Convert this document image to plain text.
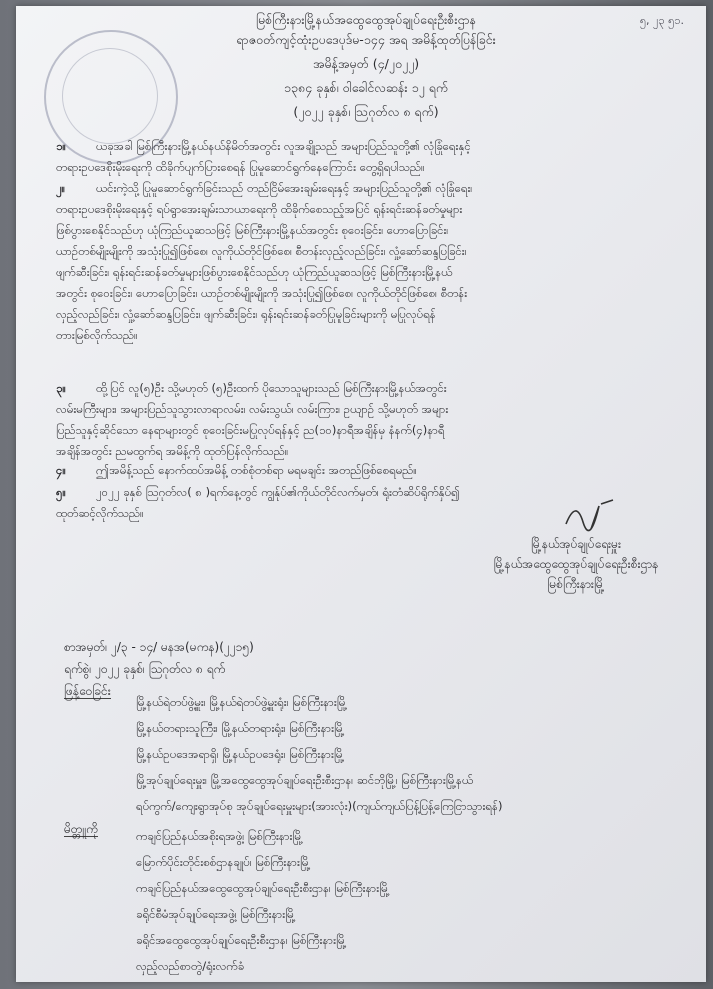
၅, ၂၃ ၅၁.
မြစ်ကြီးနားမြို့နယ်အထွေထွေအုပ်ချုပ်ရေးဦးစီးဌာန
ရာဇဝတ်ကျင့်ထုံးဥပဒေပုဒ်မ-၁၄၄ အရ အမိန့်ထုတ်ပြန်ခြင်း
အမိန့်အမှတ် (၄/၂၀၂၂)
၁၃၈၄ ခုနှစ်၊ ဝါခေါင်လဆန်း ၁၂ ရက်
(၂၀၂၂ ခုနှစ်၊ ဩဂုတ်လ ၈ ရက်)
၁။	ယခုအခါ မြစ်ကြီးနားမြို့နယ်နယ်နိမိတ်အတွင်း လူအချို့သည် အများပြည်သူတို့၏ လုံခြုံရေးနှင့်
တရားဥပဒေစိုးမိုးရေးကို ထိခိုက်ပျက်ပြားစေရန် ပြုမူဆောင်ရွက်နေကြောင်း တွေ့ရှိရပါသည်။
၂။	ယင်းကဲ့သို့ ပြုမူဆောင်ရွက်ခြင်းသည် တည်ငြိမ်အေးချမ်းရေးနှင့် အများပြည်သူတို့၏ လုံခြုံရေး၊
တရားဥပဒေစိုးမိုးရေးနှင့် ရပ်ရွာအေးချမ်းသာယာရေးကို ထိခိုက်စေသည့်အပြင် ရုန်းရင်းဆန်ခတ်မှုများ
ဖြစ်ပွားစေနိုင်သည်ဟု ယုံကြည်ယူဆသဖြင့် မြစ်ကြီးနားမြို့နယ်အတွင်း စုဝေးခြင်း၊ ဟောပြောခြင်း၊
ယာဉ်တစ်မျိုးမျိုးကို အသုံးပြု၍ဖြစ်စေ၊ လူကိုယ်တိုင်ဖြစ်စေ၊ စီတန်းလှည့်လည်ခြင်း၊ လှုံ့ဆော်ဆန္ဒပြခြင်း၊
ဖျက်ဆီးခြင်း၊ ရုန်းရင်းဆန်ခတ်မှုများဖြစ်ပွားစေနိုင်သည်ဟု ယုံကြည်ယူဆသဖြင့် မြစ်ကြီးနားမြို့နယ်
အတွင်း စုဝေးခြင်း၊ ဟောပြောခြင်း၊ ယာဉ်တစ်မျိုးမျိုးကို အသုံးပြု၍ဖြစ်စေ၊ လူကိုယ်တိုင်ဖြစ်စေ၊ စီတန်း
လှည့်လည်ခြင်း၊ လှုံ့ဆော်ဆန္ဒပြခြင်း၊ ဖျက်ဆီးခြင်း၊ ရုန်းရင်းဆန်ခတ်ပြုမူခြင်းများကို မပြုလုပ်ရန်
တားမြစ်လိုက်သည်။
၃။	ထို့ပြင် လူ(၅)ဦး သို့မဟုတ် (၅)ဦးထက် ပိုသောသူများသည် မြစ်ကြီးနားမြို့နယ်အတွင်း
လမ်းမကြီးများ၊ အများပြည်သူသွားလာရာလမ်း၊ လမ်းသွယ်၊ လမ်းကြား၊ ဥယျာဉ် သို့မဟုတ် အများ
ပြည်သူနှင့်ဆိုင်သော နေရာများတွင် စုဝေးခြင်းမပြုလုပ်ရန်နှင့် ည(၁၀)နာရီအချိန်မှ နံနက်(၄)နာရီ
အချိန်အတွင်း ညမထွက်ရ အမိန့်ကို ထုတ်ပြန်လိုက်သည်။
၄။	ဤအမိန့်သည် နောက်ထပ်အမိန့် တစ်စုံတစ်ရာ မရမချင်း အတည်ဖြစ်စေရမည်။
၅။	၂၀၂၂ ခုနှစ် ဩဂုတ်လ( ၈ )ရက်နေ့တွင် ကျွန်ုပ်၏ကိုယ်တိုင်လက်မှတ်၊ ရုံးတံဆိပ်ရိုက်နှိပ်၍
ထုတ်ဆင့်လိုက်သည်။
မြို့နယ်အုပ်ချုပ်ရေးမှူး
မြို့နယ်အထွေထွေအုပ်ချုပ်ရေးဦးစီးဌာန
မြစ်ကြီးနားမြို့
စာအမှတ်၊ ၂/၃ - ၁၄/ မနအ(မကန)(၂၂၁၅)
ရက်စွဲ၊ ၂၀၂၂ ခုနှစ်၊ ဩဂုတ်လ ၈ ရက်
ဖြန့်ဝေခြင်း
မြို့နယ်ရဲတပ်ဖွဲ့မှူး၊ မြို့နယ်ရဲတပ်ဖွဲ့မှူးရုံး၊ မြစ်ကြီးနားမြို့
မြို့နယ်တရားသူကြီး၊ မြို့နယ်တရားရုံး၊ မြစ်ကြီးနားမြို့
မြို့နယ်ဥပဒေအရာရှိ၊ မြို့နယ်ဥပဒေရုံး၊ မြစ်ကြီးနားမြို့
မြို့အုပ်ချုပ်ရေးမှူး၊ မြို့အထွေထွေအုပ်ချုပ်ရေးဦးစီးဌာန၊ ဆင်ဘိုမြို့၊ မြစ်ကြီးနားမြို့နယ်
ရပ်ကွက်/ကျေးရွာအုပ်စု အုပ်ချုပ်ရေးမှူးများ(အားလုံး)(ကျယ်ကျယ်ပြန့်ပြန့်ကြေငြာသွားရန်)
မိတ္တူကို	ကချင်ပြည်နယ်အစိုးရအဖွဲ့၊ မြစ်ကြီးနားမြို့
မြောက်ပိုင်းတိုင်းစစ်ဌာနချုပ်၊ မြစ်ကြီးနားမြို့
ကချင်ပြည်နယ်အထွေထွေအုပ်ချုပ်ရေးဦးစီးဌာန၊ မြစ်ကြီးနားမြို့
ခရိုင်စီမံအုပ်ချုပ်ရေးအဖွဲ့၊ မြစ်ကြီးနားမြို့
ခရိုင်အထွေထွေအုပ်ချုပ်ရေးဦးစီးဌာန၊ မြစ်ကြီးနားမြို့
လှည့်လည်စာတွဲ/ရုံးလက်ခံ
